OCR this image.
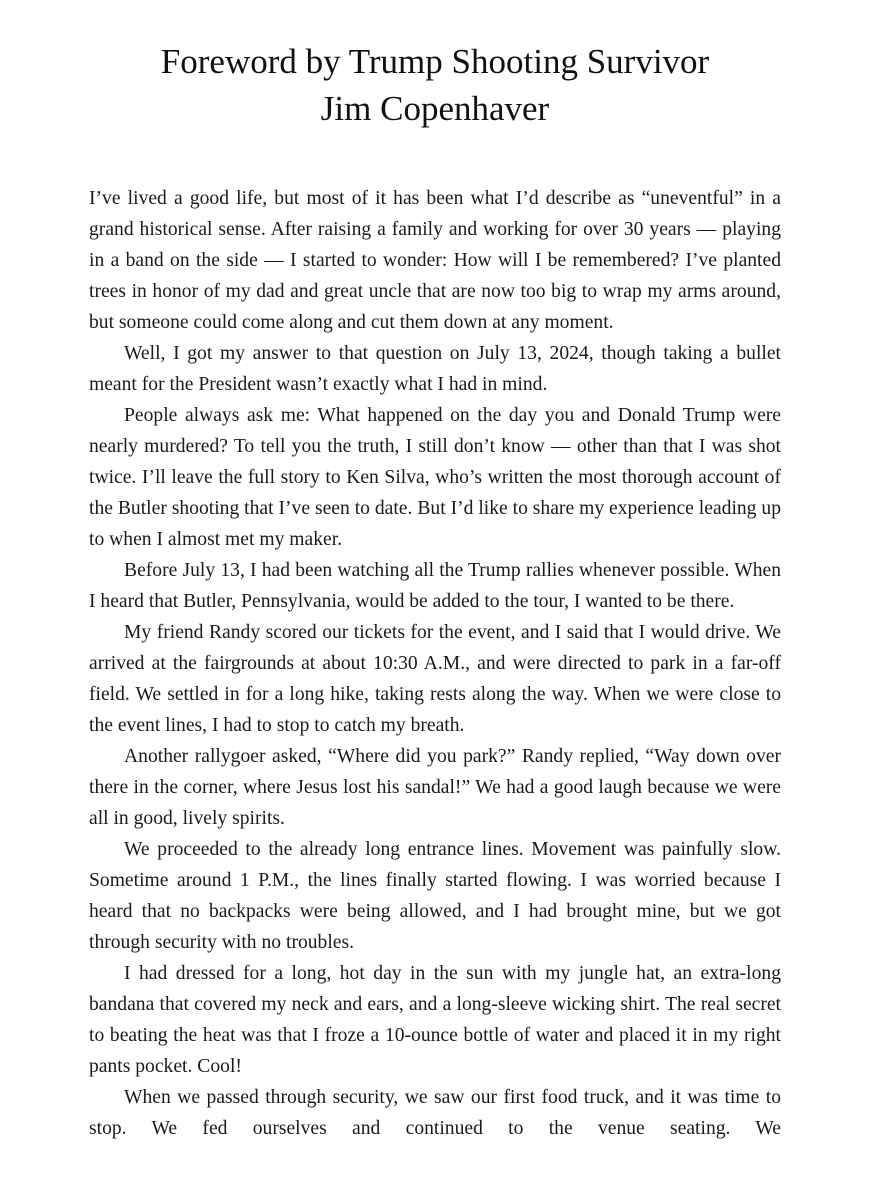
Foreword by Trump Shooting Survivor
Jim Copenhaver

I’ve lived a good life, but most of it has been what I’d describe as “uneventful” in a grand historical sense. After raising a family and working for over 30 years — playing in a band on the side — I started to wonder: How will I be remembered? I’ve planted trees in honor of my dad and great uncle that are now too big to wrap my arms around, but someone could come along and cut them down at any moment.

Well, I got my answer to that question on July 13, 2024, though taking a bullet meant for the President wasn’t exactly what I had in mind.

People always ask me: What happened on the day you and Donald Trump were nearly murdered? To tell you the truth, I still don’t know — other than that I was shot twice. I’ll leave the full story to Ken Silva, who’s written the most thorough account of the Butler shooting that I’ve seen to date. But I’d like to share my experience leading up to when I almost met my maker.

Before July 13, I had been watching all the Trump rallies whenever possible. When I heard that Butler, Pennsylvania, would be added to the tour, I wanted to be there.

My friend Randy scored our tickets for the event, and I said that I would drive. We arrived at the fairgrounds at about 10:30 A.M., and were directed to park in a far-off field. We settled in for a long hike, taking rests along the way. When we were close to the event lines, I had to stop to catch my breath.

Another rallygoer asked, “Where did you park?” Randy replied, “Way down over there in the corner, where Jesus lost his sandal!” We had a good laugh because we were all in good, lively spirits.

We proceeded to the already long entrance lines. Movement was painfully slow. Sometime around 1 P.M., the lines finally started flowing. I was worried because I heard that no backpacks were being allowed, and I had brought mine, but we got through security with no troubles.

I had dressed for a long, hot day in the sun with my jungle hat, an extra-long bandana that covered my neck and ears, and a long-sleeve wicking shirt. The real secret to beating the heat was that I froze a 10-ounce bottle of water and placed it in my right pants pocket. Cool!

When we passed through security, we saw our first food truck, and it was time to stop. We fed ourselves and continued to the venue seating. We
